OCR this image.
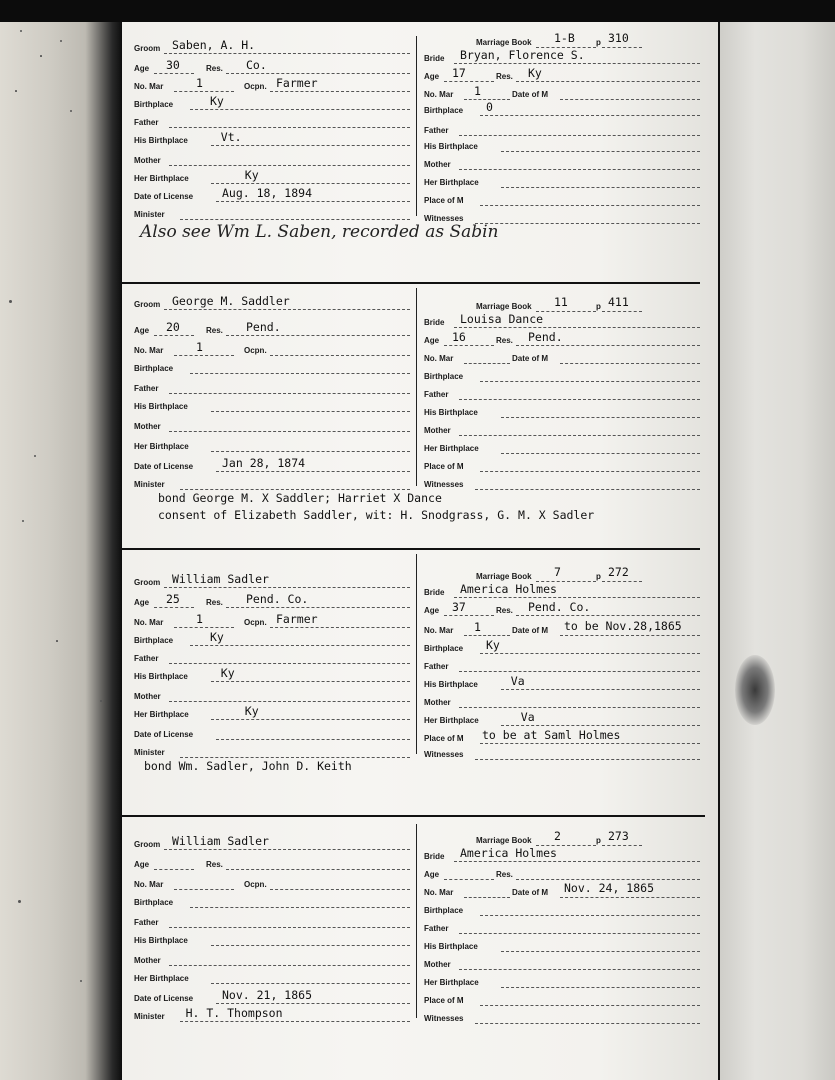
Groom Saben, A. H.
Age 30	Res. Co.
No. Mar	1	Ocpn. Farmer
Birthplace	Ky
Father
His Birthplace	Vt.
Mother
Her Birthplace	Ky
Date of License	Aug. 18, 1894
Minister
Marriage Book 1-B	p 310
Bride Bryan, Florence S.
Age 17	Res. Ky
No. Mar 1	Date of M
Birthplace 0
Father
His Birthplace
Mother
Her Birthplace
Place of M
Witnesses
Also see Wm L. Saben, recorded as Sabin
Groom George M. Saddler
Age 20	Res. Pend.
No. Mar	1	Ocpn.
Birthplace
Father
His Birthplace
Mother
Her Birthplace
Date of License	Jan 28, 1874
Minister
Marriage Book 11	p 411
Bride Louisa Dance
Age 16	Res. Pend.
No. Mar	Date of M
Birthplace
Father
His Birthplace
Mother
Her Birthplace
Place of M
Witnesses
bond George M. X Saddler; Harriet X Dance
consent of Elizabeth Saddler, wit: H. Snodgrass, G. M. X Sadler
Groom William Sadler
Age 25	Res. Pend. Co.
No. Mar	1	Ocpn. Farmer
Birthplace	Ky
Father
His Birthplace	Ky
Mother
Her Birthplace	Ky
Date of License
Minister
Marriage Book 7	p 272
Bride America Holmes
Age 37	Res. Pend. Co.
No. Mar 1	Date of M to be Nov.28,1865
Birthplace Ky
Father
His Birthplace	Va
Mother
Her Birthplace	Va
Place of M to be at Saml Holmes
Witnesses
bond Wm. Sadler, John D. Keith
Groom William Sadler
Age	Res.
No. Mar	Ocpn.
Birthplace
Father
His Birthplace
Mother
Her Birthplace
Date of License	Nov. 21, 1865
Minister H. T. Thompson
Marriage Book 2	p 273
Bride America Holmes
Age	Res.
No. Mar	Date of M Nov. 24, 1865
Birthplace
Father
His Birthplace
Mother
Her Birthplace
Place of M
Witnesses
